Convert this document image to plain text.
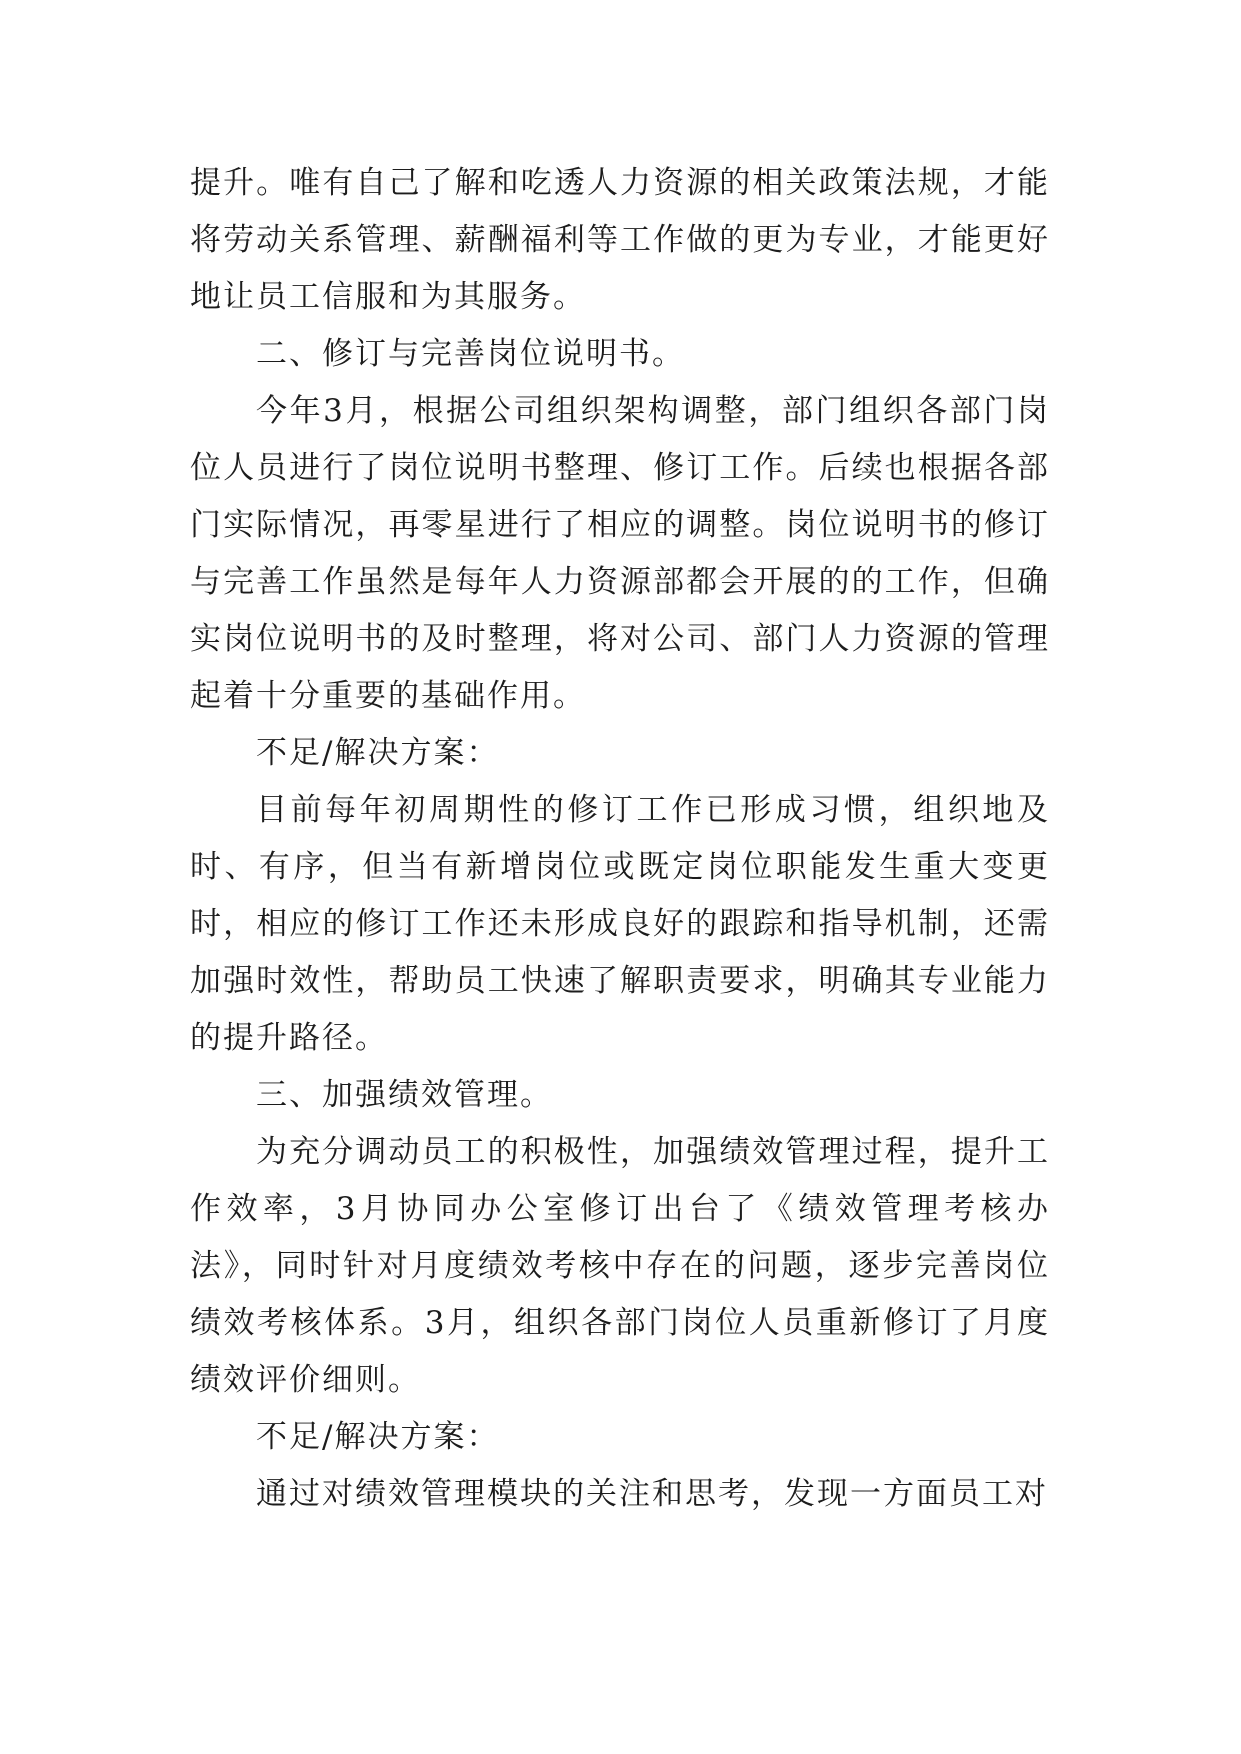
提升。唯有自己了解和吃透人力资源的相关政策法规，才能将劳动关系管理、薪酬福利等工作做的更为专业，才能更好地让员工信服和为其服务。

二、修订与完善岗位说明书。

今年3月，根据公司组织架构调整，部门组织各部门岗位人员进行了岗位说明书整理、修订工作。后续也根据各部门实际情况，再零星进行了相应的调整。岗位说明书的修订与完善工作虽然是每年人力资源部都会开展的的工作，但确实岗位说明书的及时整理，将对公司、部门人力资源的管理起着十分重要的基础作用。

不足/解决方案：

目前每年初周期性的修订工作已形成习惯，组织地及时、有序，但当有新增岗位或既定岗位职能发生重大变更时，相应的修订工作还未形成良好的跟踪和指导机制，还需加强时效性，帮助员工快速了解职责要求，明确其专业能力的提升路径。

三、加强绩效管理。

为充分调动员工的积极性，加强绩效管理过程，提升工作效率，3月协同办公室修订出台了《绩效管理考核办法》，同时针对月度绩效考核中存在的问题，逐步完善岗位绩效考核体系。3月，组织各部门岗位人员重新修订了月度绩效评价细则。

不足/解决方案：

通过对绩效管理模块的关注和思考，发现一方面员工对
